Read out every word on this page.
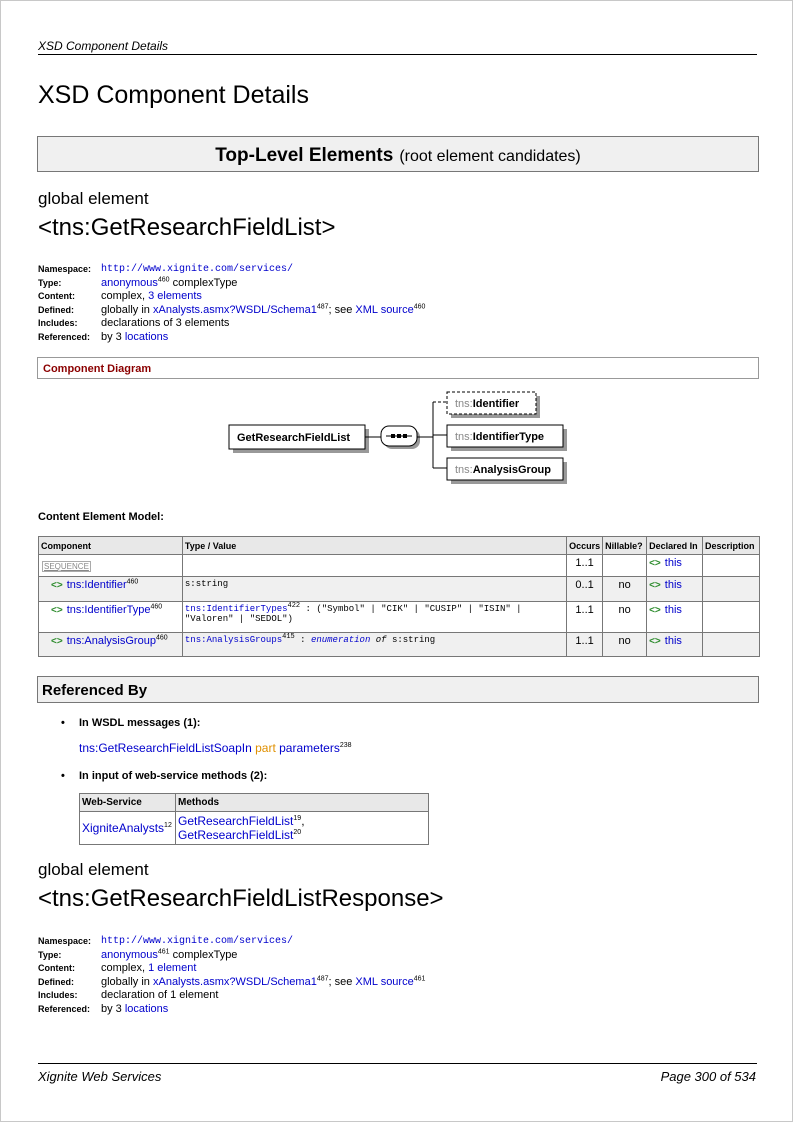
XSD Component Details
XSD Component Details
Top-Level Elements (root element candidates)
global element
<tns:GetResearchFieldList>
Namespace: http://www.xignite.com/services/
Type:	anonymous$^{460}$ complexType
Content:	complex, 3 elements
Defined:	globally in $xAnalysts.asmx?WSDL/Schema1^{487}$; see XML source$^{460}$
Includes:	declarations of 3 elements
Referenced: by 3 locations
Component Diagram
GetResearchFieldList
tns:Identifier
tns:IdentifierType
tns:AnalysisGroup
Content Element Model:
Component	Type / Value	Occurs	Nillable?	Declared In	Description
SEQUENCE		1..1		<> this	
<> tns:Identifier$^{460}$	s:string	0..1	no	<> this	
<> tns:IdentifierType$^{460}$	tns:IdentifierTypes$^{422}$ : ("Symbol" | "CIK" | "CUSIP" | "ISIN" | "Valoren" | "SEDOL")	1..1	no	<> this	
<> tns:AnalysisGroup$^{460}$	tns:AnalysisGroups$^{415}$ : enumeration of s:string	1..1	no	<> this	
Referenced By
• In WSDL messages (1):
tns:GetResearchFieldListSoapIn part parameters$^{238}$
• In input of web-service methods (2):
Web-Service	Methods
XigniteAnalysts$^{12}$	GetResearchFieldList$^{19}$, GetResearchFieldList$^{20}$
global element
<tns:GetResearchFieldListResponse>
Namespace: http://www.xignite.com/services/
Type:	anonymous$^{461}$ complexType
Content:	complex, 1 element
Defined:	globally in $xAnalysts.asmx?WSDL/Schema1^{487}$; see XML source$^{461}$
Includes:	declaration of 1 element
Referenced: by 3 locations
Xignite Web Services	Page 300 of 534
